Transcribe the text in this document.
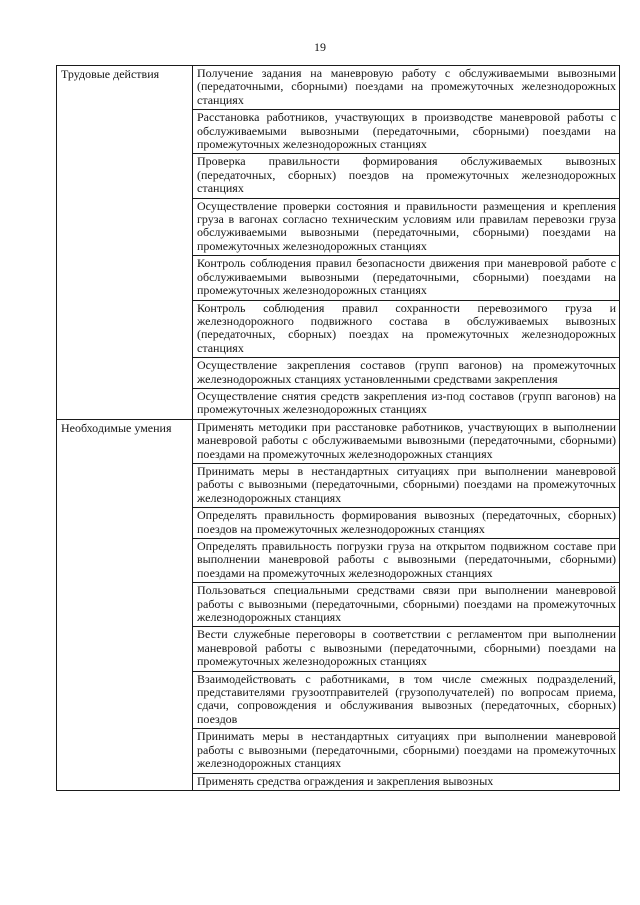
19
Трудовые действия	Получение задания на маневровую работу с обслуживаемыми вывозными (передаточными, сборными) поездами на промежуточных железнодорожных станциях
	Расстановка работников, участвующих в производстве маневровой работы с обслуживаемыми вывозными (передаточными, сборными) поездами на промежуточных железнодорожных станциях
	Проверка правильности формирования обслуживаемых вывозных (передаточных, сборных) поездов на промежуточных железнодорожных станциях
	Осуществление проверки состояния и правильности размещения и крепления груза в вагонах согласно техническим условиям или правилам перевозки груза обслуживаемыми вывозными (передаточными, сборными) поездами на промежуточных железнодорожных станциях
	Контроль соблюдения правил безопасности движения при маневровой работе с обслуживаемыми вывозными (передаточными, сборными) поездами на промежуточных железнодорожных станциях
	Контроль соблюдения правил сохранности перевозимого груза и железнодорожного подвижного состава в обслуживаемых вывозных (передаточных, сборных) поездах на промежуточных железнодорожных станциях
	Осуществление закрепления составов (групп вагонов) на промежуточных железнодорожных станциях установленными средствами закрепления
	Осуществление снятия средств закрепления из-под составов (групп вагонов) на промежуточных железнодорожных станциях
Необходимые умения	Применять методики при расстановке работников, участвующих в выполнении маневровой работы с обслуживаемыми вывозными (передаточными, сборными) поездами на промежуточных железнодорожных станциях
	Принимать меры в нестандартных ситуациях при выполнении маневровой работы с вывозными (передаточными, сборными) поездами на промежуточных железнодорожных станциях
	Определять правильность формирования вывозных (передаточных, сборных) поездов на промежуточных железнодорожных станциях
	Определять правильность погрузки груза на открытом подвижном составе при выполнении маневровой работы с вывозными (передаточными, сборными) поездами на промежуточных железнодорожных станциях
	Пользоваться специальными средствами связи при выполнении маневровой работы с вывозными (передаточными, сборными) поездами на промежуточных железнодорожных станциях
	Вести служебные переговоры в соответствии с регламентом при выполнении маневровой работы с вывозными (передаточными, сборными) поездами на промежуточных железнодорожных станциях
	Взаимодействовать с работниками, в том числе смежных подразделений, представителями грузоотправителей (грузополучателей) по вопросам приема, сдачи, сопровождения и обслуживания вывозных (передаточных, сборных) поездов
	Принимать меры в нестандартных ситуациях при выполнении маневровой работы с вывозными (передаточными, сборными) поездами на промежуточных железнодорожных станциях
	Применять средства ограждения и закрепления вывозных
